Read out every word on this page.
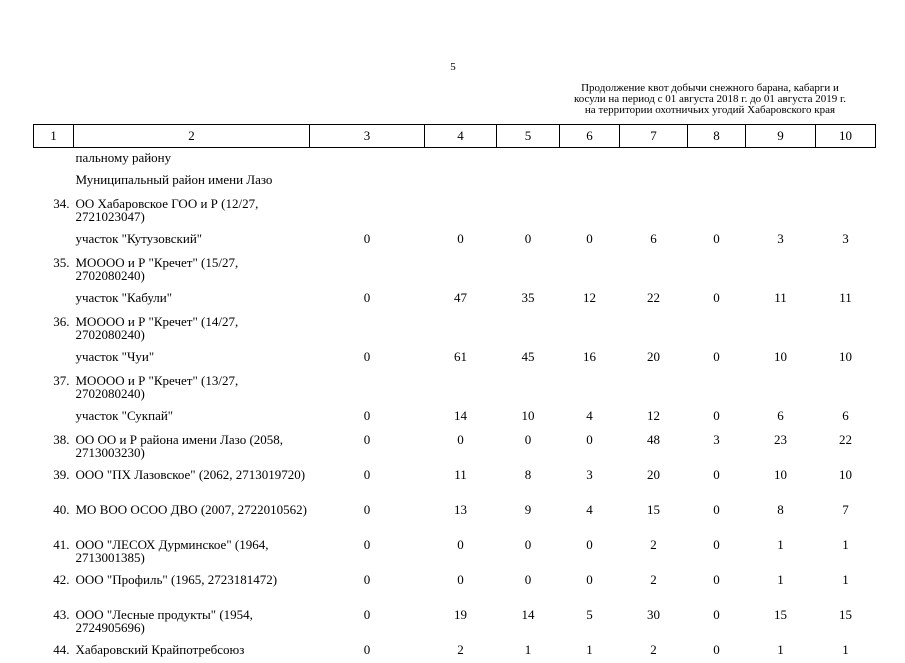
5
Продолжение квот добычи снежного барана, кабарги и
косули на период с 01 августа 2018 г. до 01 августа 2019 г.
на территории охотничьих угодий Хабаровского края
1	2	3	4	5	6	7	8	9	10
	пальному району								
	Муниципальный район имени Лазо								
34.	ОО Хабаровское ГОО и Р (12/27, 2721023047)								
	участок "Кутузовский"	0	0	0	0	6	0	3	3
35.	МОООО и Р "Кречет" (15/27, 2702080240)								
	участок "Кабули"	0	47	35	12	22	0	11	11
36.	МОООО и Р "Кречет" (14/27, 2702080240)								
	участок "Чуи"	0	61	45	16	20	0	10	10
37.	МОООО и Р "Кречет" (13/27, 2702080240)								
	участок "Сукпай"	0	14	10	4	12	0	6	6
38.	ОО ОО и Р района имени Лазо (2058, 2713003230)	0	0	0	0	48	3	23	22
39.	ООО "ПХ Лазовское" (2062, 2713019720)	0	11	8	3	20	0	10	10
40.	МО ВОО ОСОО ДВО (2007, 2722010562)	0	13	9	4	15	0	8	7
41.	ООО "ЛЕСОХ Дурминское" (1964, 2713001385)	0	0	0	0	2	0	1	1
42.	ООО "Профиль" (1965, 2723181472)	0	0	0	0	2	0	1	1
43.	ООО "Лесные продукты" (1954, 2724905696)	0	19	14	5	30	0	15	15
44.	Хабаровский Крайпотребсоюз	0	2	1	1	2	0	1	1
